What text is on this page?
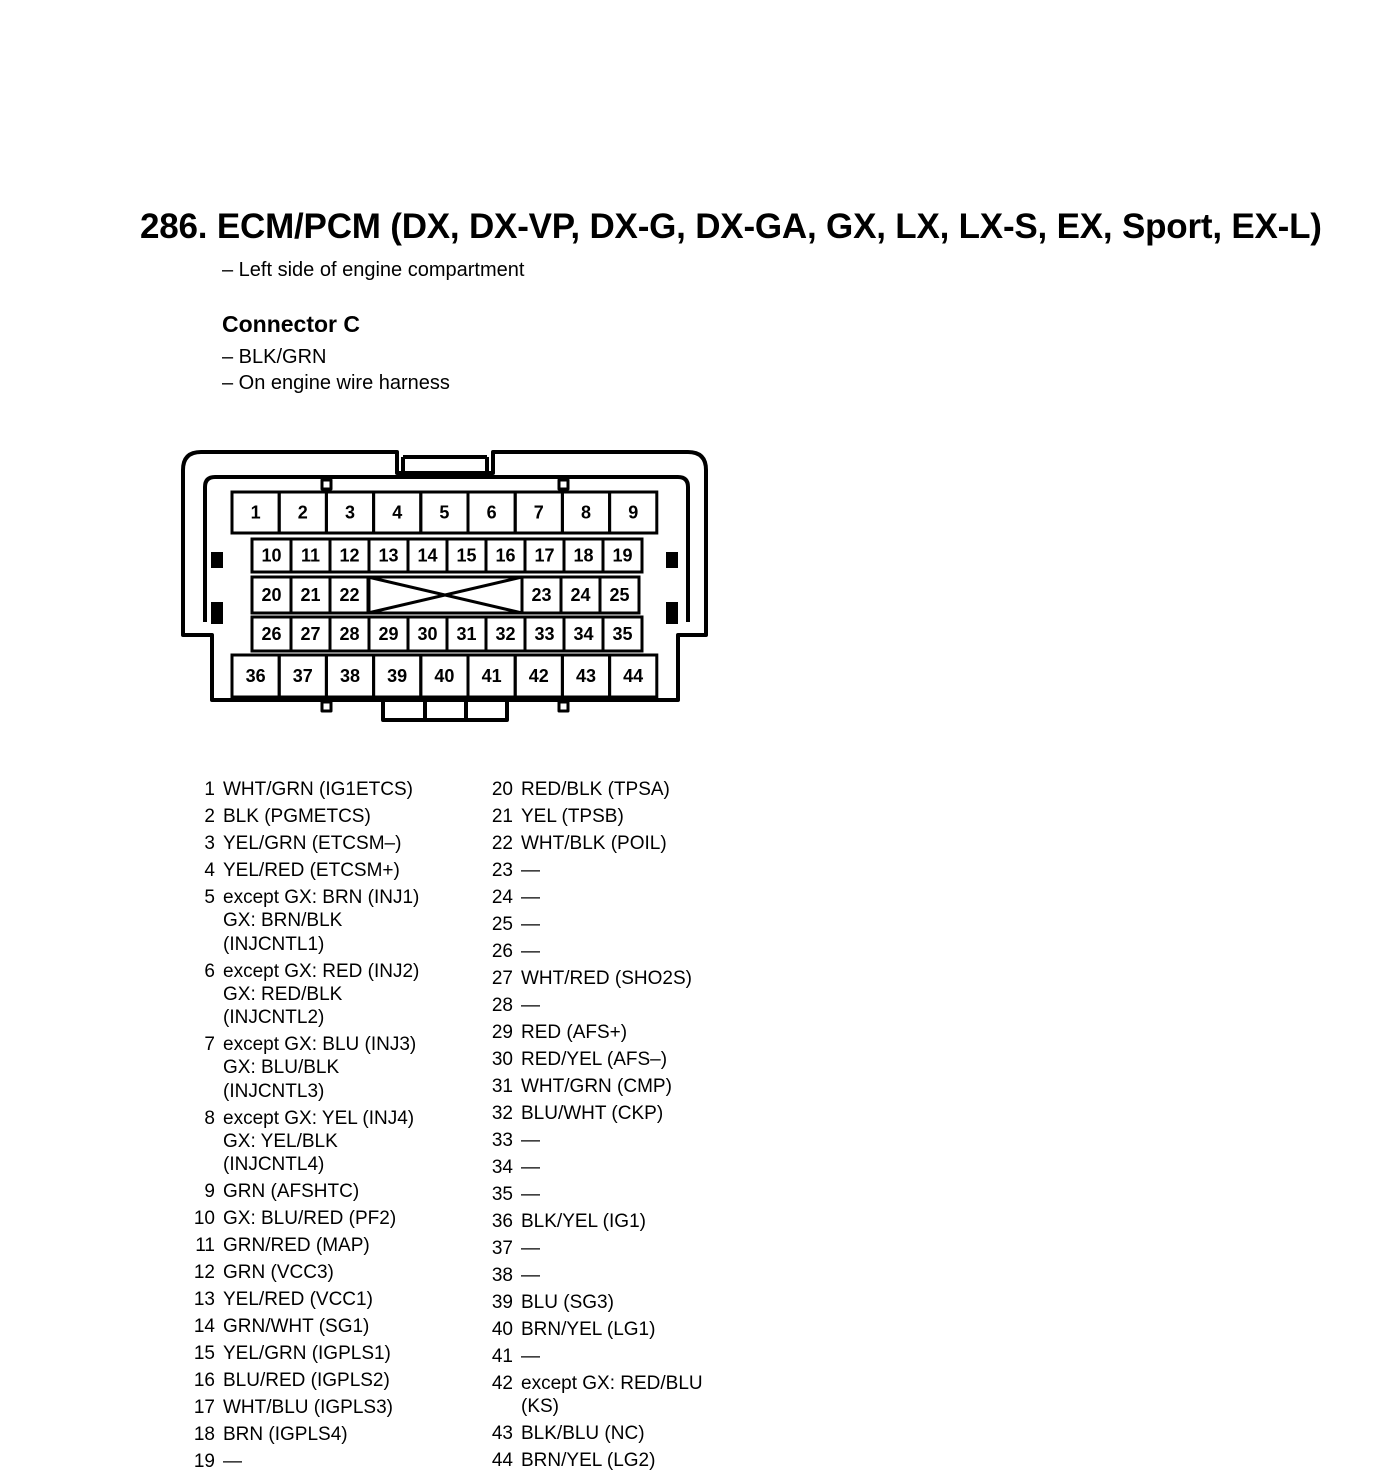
286. ECM/PCM (DX, DX-VP, DX-G, DX-GA, GX, LX, LX-S, EX, Sport, EX-L)
– Left side of engine compartment
Connector C
– BLK/GRN
– On engine wire harness
1 2 3 4 5 6 7 8 9
10 11 12 13 14 15 16 17 18 19
20 21 22	23 24 25
26 27 28 29 30 31 32 33 34 35
36 37 38 39 40 41 42 43 44
1 WHT/GRN (IG1ETCS)
2 BLK (PGMETCS)
3 YEL/GRN (ETCSM–)
4 YEL/RED (ETCSM+)
5 except GX: BRN (INJ1)
GX: BRN/BLK
(INJCNTL1)
6 except GX: RED (INJ2)
GX: RED/BLK
(INJCNTL2)
7 except GX: BLU (INJ3)
GX: BLU/BLK
(INJCNTL3)
8 except GX: YEL (INJ4)
GX: YEL/BLK
(INJCNTL4)
9 GRN (AFSHTC)
10 GX: BLU/RED (PF2)
11 GRN/RED (MAP)
12 GRN (VCC3)
13 YEL/RED (VCC1)
14 GRN/WHT (SG1)
15 YEL/GRN (IGPLS1)
16 BLU/RED (IGPLS2)
17 WHT/BLU (IGPLS3)
18 BRN (IGPLS4)
19 —
20 RED/BLK (TPSA)
21 YEL (TPSB)
22 WHT/BLK (POIL)
23 —
24 —
25 —
26 —
27 WHT/RED (SHO2S)
28 —
29 RED (AFS+)
30 RED/YEL (AFS–)
31 WHT/GRN (CMP)
32 BLU/WHT (CKP)
33 —
34 —
35 —
36 BLK/YEL (IG1)
37 —
38 —
39 BLU (SG3)
40 BRN/YEL (LG1)
41 —
42 except GX: RED/BLU
(KS)
43 BLK/BLU (NC)
44 BRN/YEL (LG2)
